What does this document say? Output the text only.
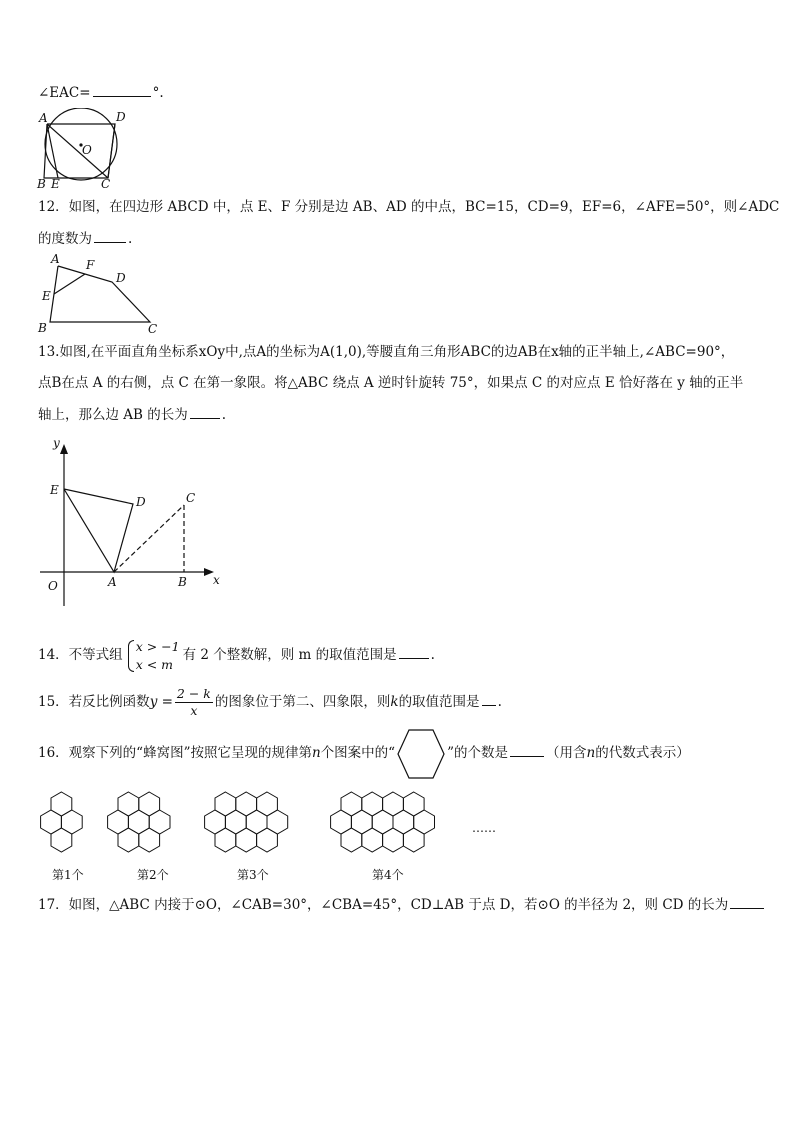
∠EAC=	°.
A	D
O
B E	C
12．如图，在四边形 ABCD 中，点 E、F 分别是边 AB、AD 的中点，BC=15，CD=9，EF=6，∠AFE=50°，则∠ADC
的度数为	.
A F
D
E
B	C
13.如图,在平面直角坐标系xOy中,点A的坐标为A(1,0),等腰直角三角形ABC的边AB在x轴的正半轴上,∠ABC=90°，
点B在点 A 的右侧，点 C 在第一象限。将△ABC 绕点 A 逆时针旋转 75°，如果点 C 的对应点 E 恰好落在 y 轴的正半
轴上，那么边 AB 的长为	.
y
E
D	C
O	A	B x
14．不等式组
x > −1
x < m
有 2 个整数解，则 m 的取值范围是	.
15．若反比例函数$y = \frac{2 - k}{x}$ 的图象位于第二、四象限，则k的取值范围是 .
16．观察下列的“蜂窝图”按照它呈现的规律第n个图案中的“	”的个数是	（用含n的代数式表示）
第1个	第2个	第3个	第4个
……
17．如图，△ABC 内接于⊙O，∠CAB=30°，∠CBA=45°，CD⊥AB 于点 D，若⊙O 的半径为 2，则 CD 的长为
